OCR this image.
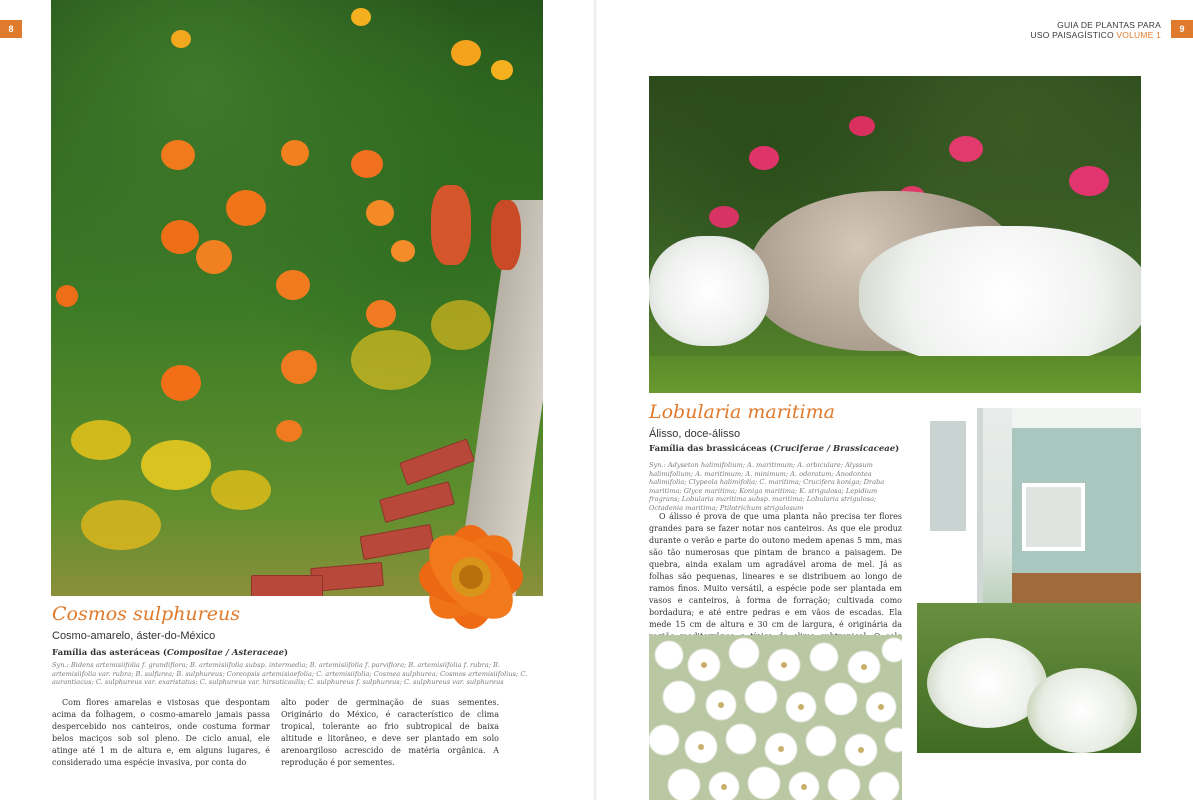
8
Cosmos sulphureus

Cosmo-amarelo, áster-do-México

Família das asteráceas (Compositae / Asteraceae)

Syn.: Bidens artemisiifolia f. grandiflora; B. artemisiifolia subsp. intermedia; B. artemisiifolia f. parviflora; B. artemisiifolia f. rubra; B. artemisiifolia var. rubra; B. sulfurea; B. sulphureus; Coreopsis artemisiaefolia; C. artemisiifolia; Cosmea sulphurea; Cosmos artemisiifolius; C. aurantiacus; C. sulphureus var. exaristatus; C. sulphureus var. hirsuticaulis; C. sulphureus f. sulphureus; C. sulphureus var. sulphureus

Com flores amarelas e vistosas que despontam acima da folhagem, o cosmo-amarelo jamais passa despercebido nos canteiros, onde costuma formar belos maciços sob sol pleno. De ciclo anual, ele atinge até 1 m de altura e, em alguns lugares, é considerado uma espécie invasiva, por conta do

alto poder de germinação de suas sementes. Originário do México, é característico de clima tropical, tolerante ao frio subtropical de baixa altitude e litorâneo, e deve ser plantado em solo arenoargiloso acrescido de matéria orgânica. A reprodução é por sementes.

9
GUIA DE PLANTAS PARA
USO PAISAGÍSTICO VOLUME 1
Lobularia maritima

Álisso, doce-álisso

Família das brassicáceas (Cruciferae / Brassicaceae)

Syn.: Adyseton halimifolium; A. maritimum; A. orbiculare; Alyssum halimifolium; A. maritimum; A. minimum; A. odoratum; Anodontea halimifolia; Clypeola halimifolia; C. maritima; Crucifera koniga; Draba maritima; Glyce maritima; Koniga maritima; K. strigulosa; Lepidium fragrans; Lobularia maritima subsp. maritima; Lobularia strigulosa; Octadenia maritima; Ptilotrichum strigulosum

O álisso é prova de que uma planta não precisa ter flores grandes para se fazer notar nos canteiros. As que ele produz durante o verão e parte do outono medem apenas 5 mm, mas são tão numerosas que pintam de branco a paisagem. De quebra, ainda exalam um agradável aroma de mel. Já as folhas são pequenas, lineares e se distribuem ao longo de ramos finos. Muito versátil, a espécie pode ser plantada em vasos e canteiros, à forma de forração; cultivada como bordadura; e até entre pedras e em vãos de escadas. Ela mede 15 cm de altura e 30 cm de largura, é originária da
